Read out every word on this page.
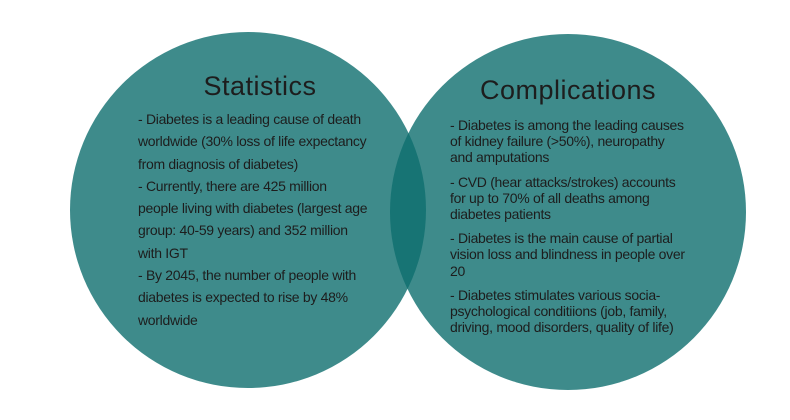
Statistics	Complications
- Diabetes is a leading cause of death
worldwide (30% loss of life expectancy
from diagnosis of diabetes)
- Currently, there are 425 million
people living with diabetes (largest age
group: 40-59 years) and 352 million
with IGT
- By 2045, the number of people with
diabetes is expected to rise by 48%
worldwide
- Diabetes is among the leading causes
of kidney failure (>50%), neuropathy
and amputations
- CVD (hear attacks/strokes) accounts
for up to 70% of all deaths among
diabetes patients
- Diabetes is the main cause of partial
vision loss and blindness in people over
20
- Diabetes stimulates various socia-
psychological conditiions (job, family,
driving, mood disorders, quality of life)
